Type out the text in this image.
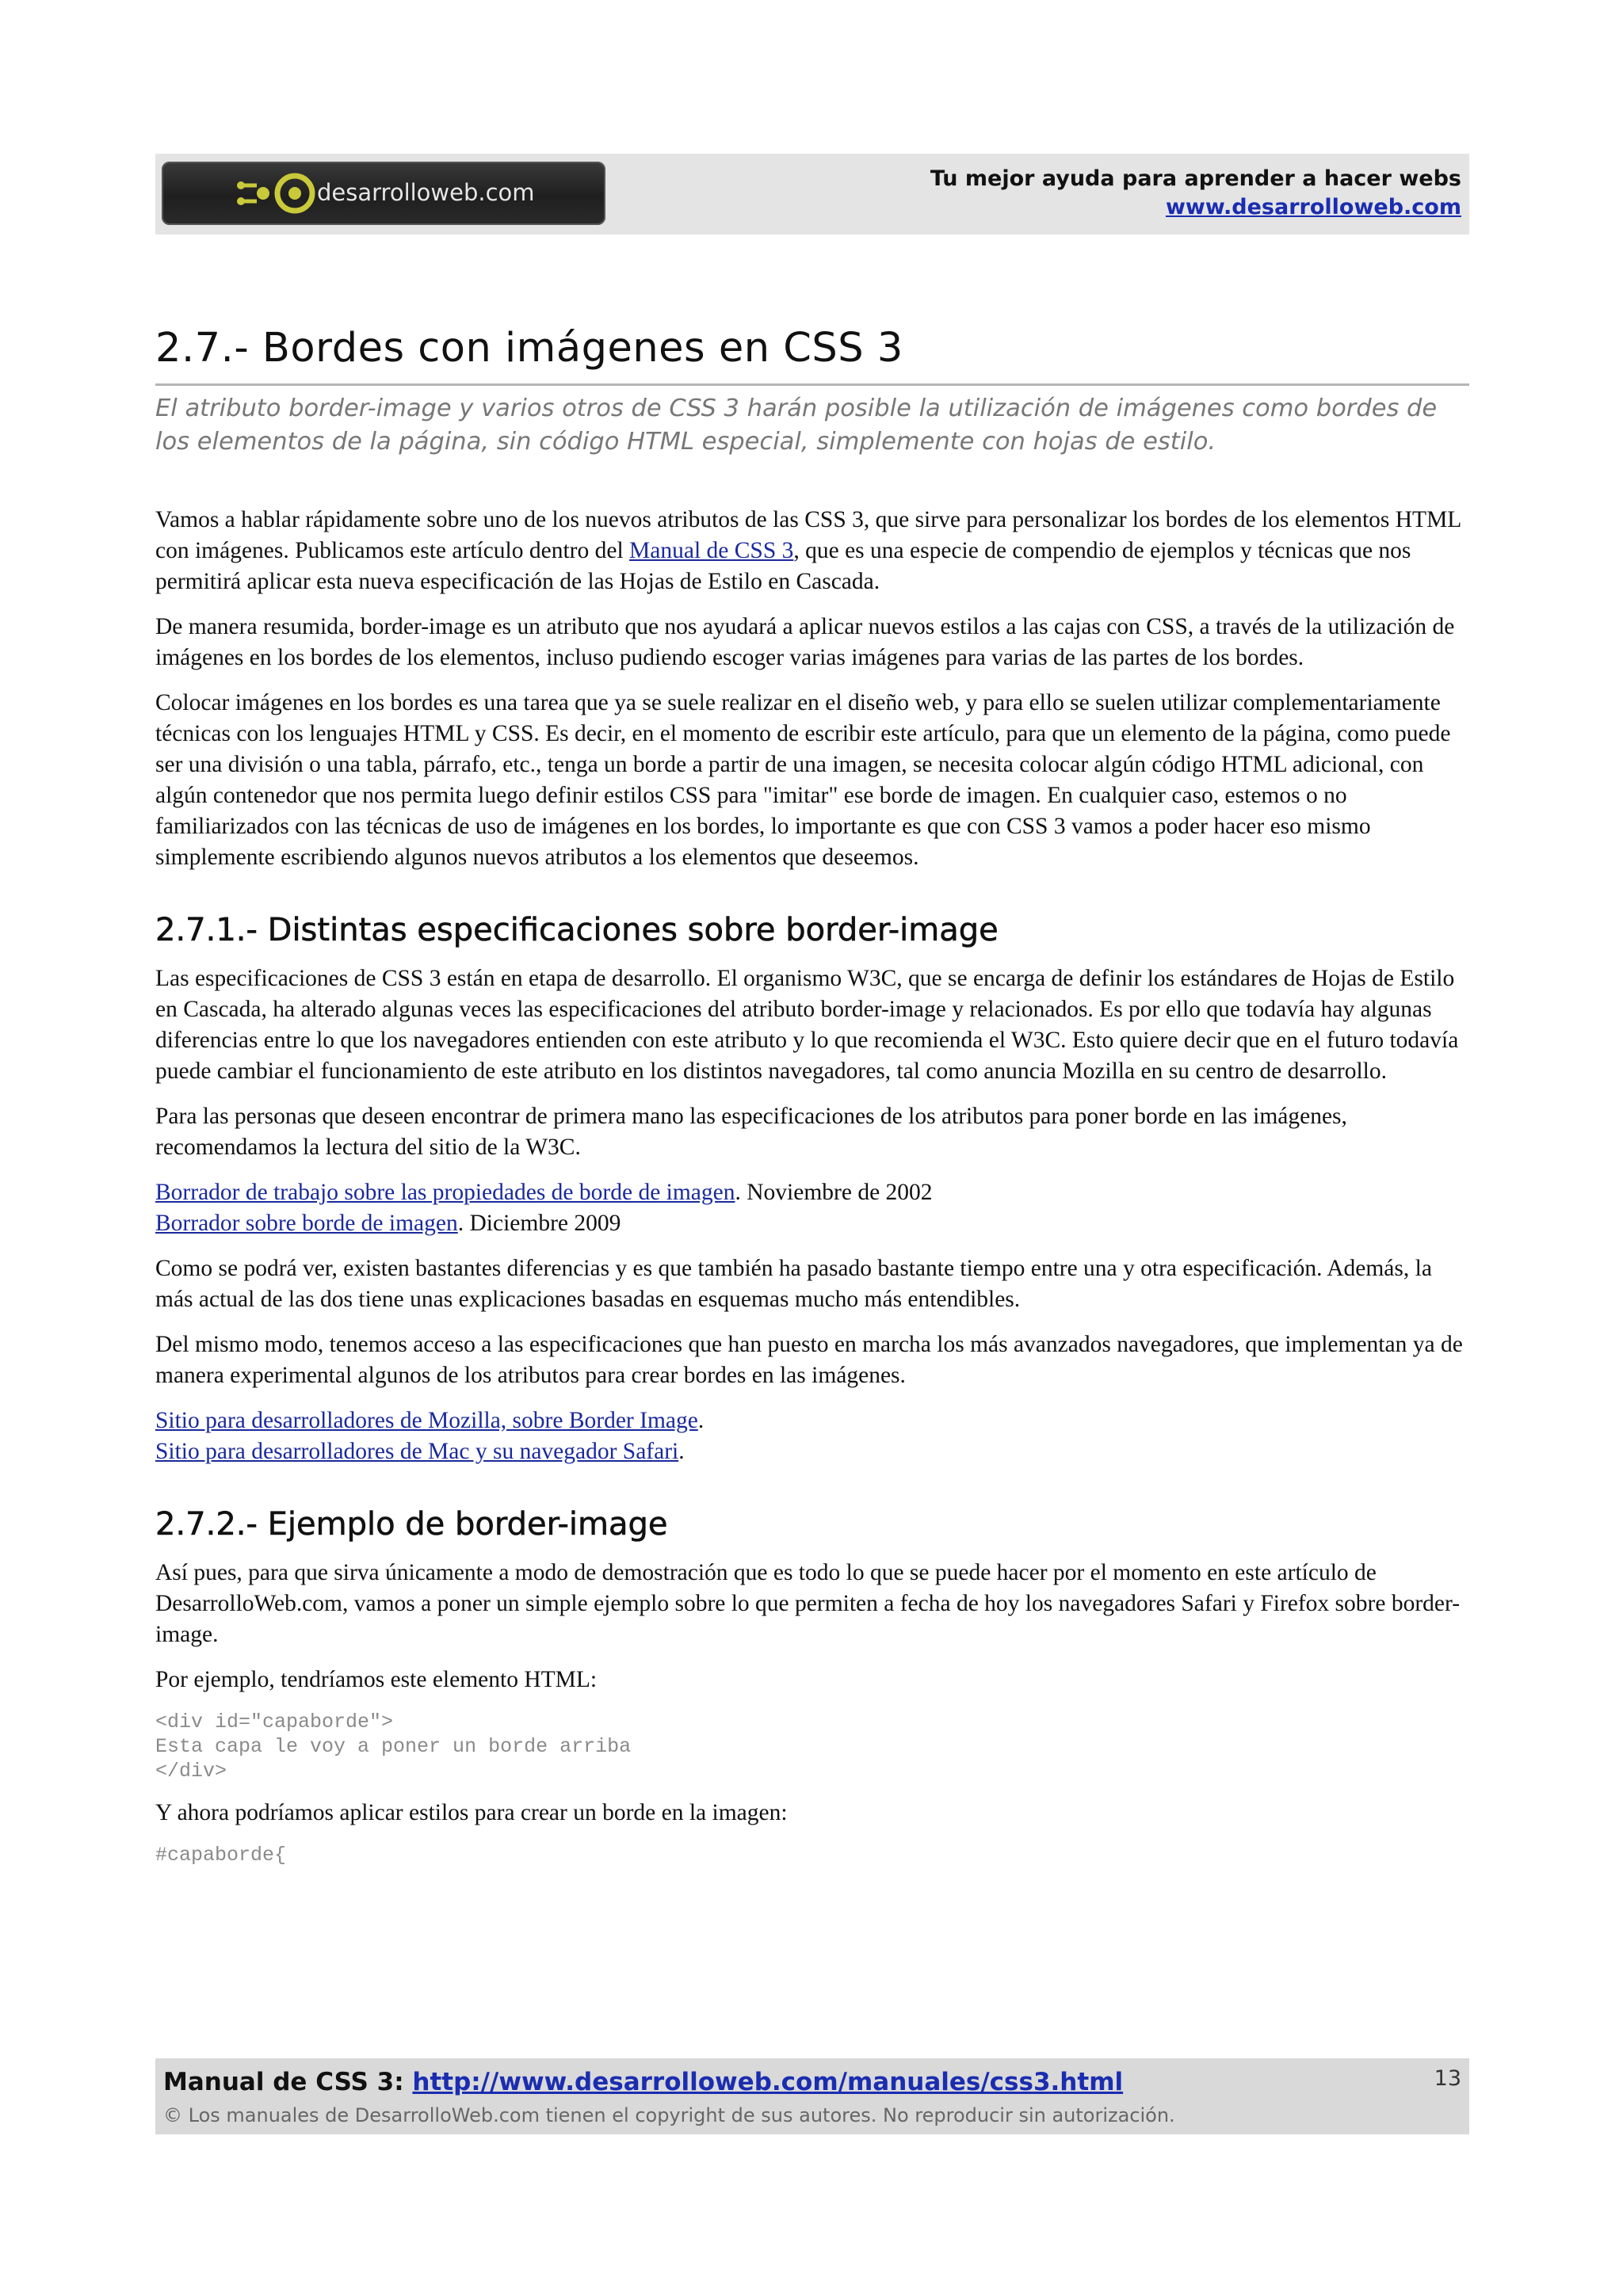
desarrolloweb.com
Tu mejor ayuda para aprender a hacer webs
www.desarrolloweb.com
2.7.- Bordes con imágenes en CSS 3
El atributo border-image y varios otros de CSS 3 harán posible la utilización de imágenes como bordes de los elementos de la página, sin código HTML especial, simplemente con hojas de estilo.

Vamos a hablar rápidamente sobre uno de los nuevos atributos de las CSS 3, que sirve para personalizar los bordes de los elementos HTML con imágenes. Publicamos este artículo dentro del Manual de CSS 3, que es una especie de compendio de ejemplos y técnicas que nos permitirá aplicar esta nueva especificación de las Hojas de Estilo en Cascada.

De manera resumida, border-image es un atributo que nos ayudará a aplicar nuevos estilos a las cajas con CSS, a través de la utilización de imágenes en los bordes de los elementos, incluso pudiendo escoger varias imágenes para varias de las partes de los bordes.

Colocar imágenes en los bordes es una tarea que ya se suele realizar en el diseño web, y para ello se suelen utilizar complementariamente técnicas con los lenguajes HTML y CSS. Es decir, en el momento de escribir este artículo, para que un elemento de la página, como puede ser una división o una tabla, párrafo, etc., tenga un borde a partir de una imagen, se necesita colocar algún código HTML adicional, con algún contenedor que nos permita luego definir estilos CSS para "imitar" ese borde de imagen. En cualquier caso, estemos o no familiarizados con las técnicas de uso de imágenes en los bordes, lo importante es que con CSS 3 vamos a poder hacer eso mismo simplemente escribiendo algunos nuevos atributos a los elementos que deseemos.

2.7.1.- Distintas especificaciones sobre border-image

Las especificaciones de CSS 3 están en etapa de desarrollo. El organismo W3C, que se encarga de definir los estándares de Hojas de Estilo en Cascada, ha alterado algunas veces las especificaciones del atributo border-image y relacionados. Es por ello que todavía hay algunas diferencias entre lo que los navegadores entienden con este atributo y lo que recomienda el W3C. Esto quiere decir que en el futuro todavía puede cambiar el funcionamiento de este atributo en los distintos navegadores, tal como anuncia Mozilla en su centro de desarrollo.

Para las personas que deseen encontrar de primera mano las especificaciones de los atributos para poner borde en las imágenes, recomendamos la lectura del sitio de la W3C.

Borrador de trabajo sobre las propiedades de borde de imagen. Noviembre de 2002
Borrador sobre borde de imagen. Diciembre 2009

Como se podrá ver, existen bastantes diferencias y es que también ha pasado bastante tiempo entre una y otra especificación. Además, la más actual de las dos tiene unas explicaciones basadas en esquemas mucho más entendibles.

Del mismo modo, tenemos acceso a las especificaciones que han puesto en marcha los más avanzados navegadores, que implementan ya de manera experimental algunos de los atributos para crear bordes en las imágenes.

Sitio para desarrolladores de Mozilla, sobre Border Image.
Sitio para desarrolladores de Mac y su navegador Safari.

2.7.2.- Ejemplo de border-image

Así pues, para que sirva únicamente a modo de demostración que es todo lo que se puede hacer por el momento en este artículo de DesarrolloWeb.com, vamos a poner un simple ejemplo sobre lo que permiten a fecha de hoy los navegadores Safari y Firefox sobre border-image.

Por ejemplo, tendríamos este elemento HTML:

<div id="capaborde">
Esta capa le voy a poner un borde arriba
</div>

Y ahora podríamos aplicar estilos para crear un borde en la imagen:

#capaborde{
Manual de CSS 3: http://www.desarrolloweb.com/manuales/css3.html
© Los manuales de DesarrolloWeb.com tienen el copyright de sus autores. No reproducir sin autorización.
13
